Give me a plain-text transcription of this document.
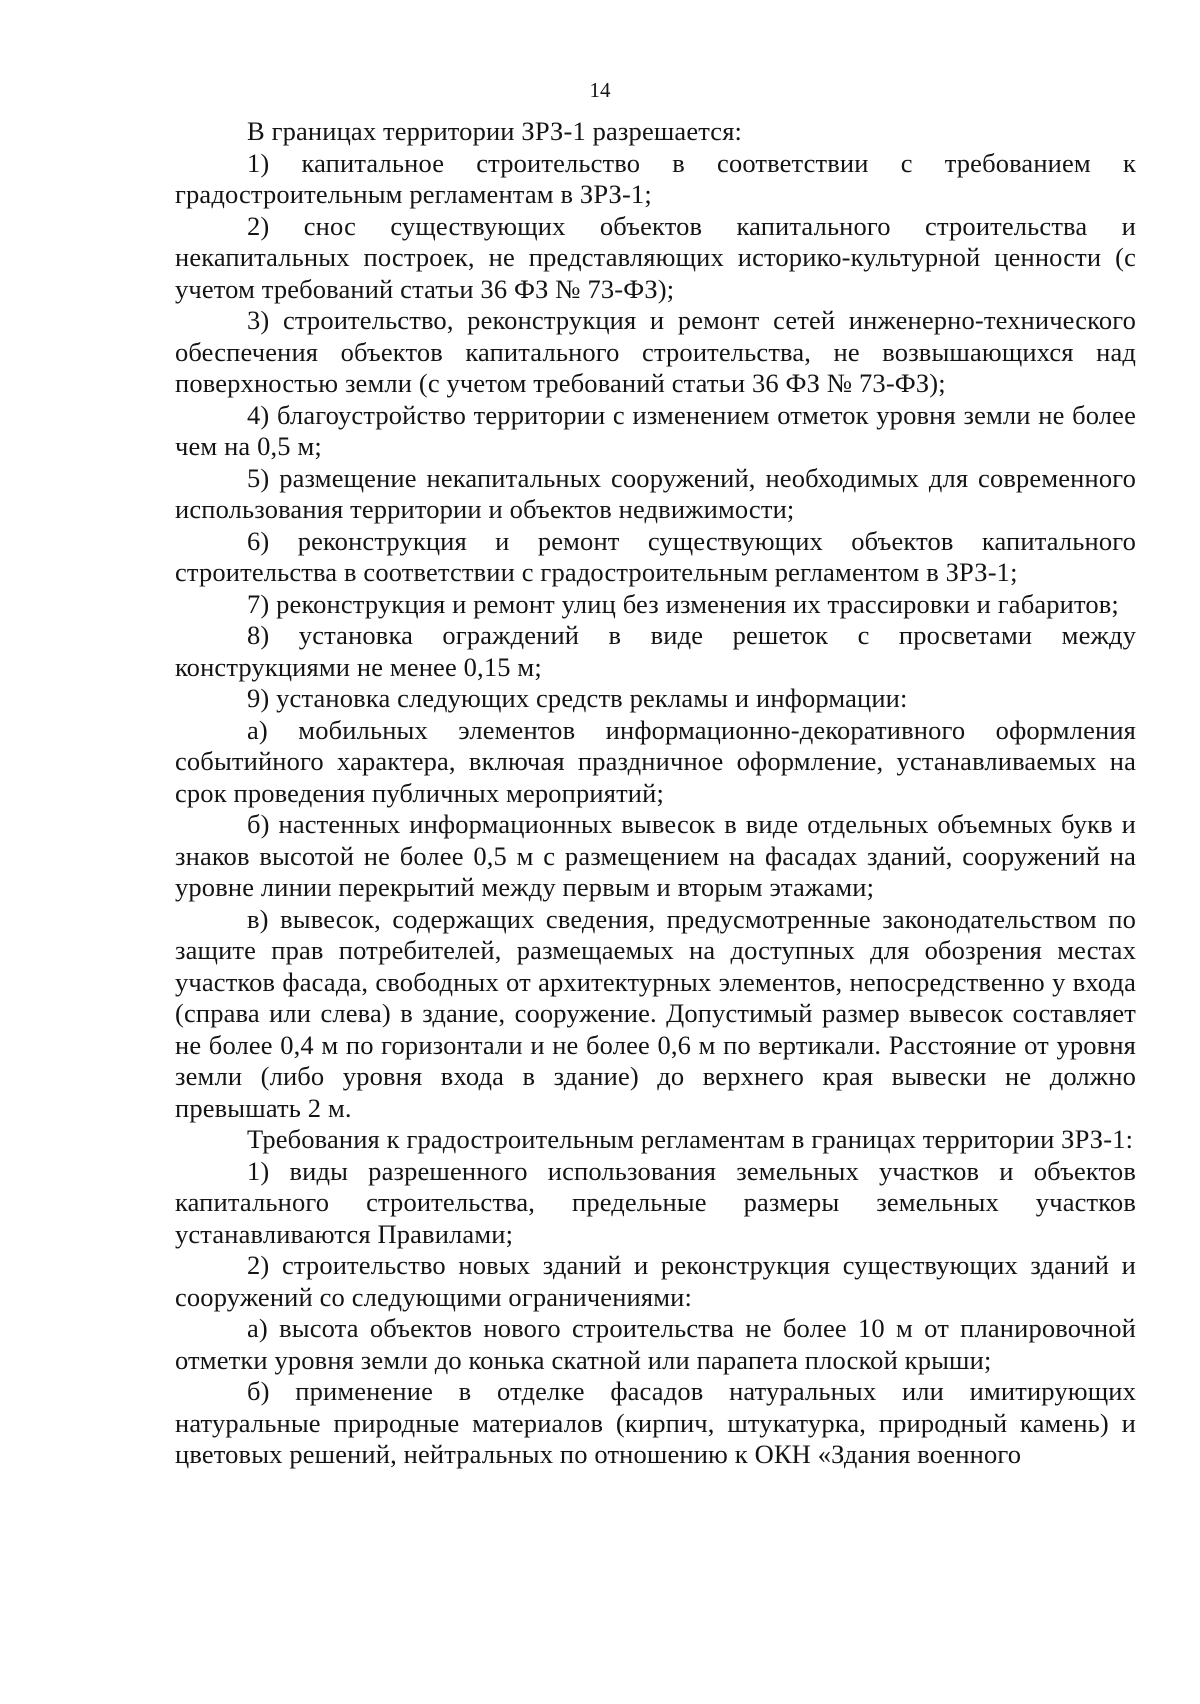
14

В границах территории ЗРЗ-1 разрешается:

1) капитальное строительство в соответствии с требованием к градостроительным регламентам в ЗРЗ-1;

2) снос существующих объектов капитального строительства и некапитальных построек, не представляющих историко-культурной ценности (с учетом требований статьи 36 ФЗ № 73-ФЗ);

3) строительство, реконструкция и ремонт сетей инженерно-технического обеспечения объектов капитального строительства, не возвышающихся над поверхностью земли (с учетом требований статьи 36 ФЗ № 73-ФЗ);

4) благоустройство территории с изменением отметок уровня земли не более чем на 0,5 м;

5) размещение некапитальных сооружений, необходимых для современного использования территории и объектов недвижимости;

6) реконструкция и ремонт существующих объектов капитального строительства в соответствии с градостроительным регламентом в ЗРЗ-1;

7) реконструкция и ремонт улиц без изменения их трассировки и габаритов;

8) установка ограждений в виде решеток с просветами между конструкциями не менее 0,15 м;

9) установка следующих средств рекламы и информации:

а) мобильных элементов информационно-декоративного оформления событийного характера, включая праздничное оформление, устанавливаемых на срок проведения публичных мероприятий;

б) настенных информационных вывесок в виде отдельных объемных букв и знаков высотой не более 0,5 м с размещением на фасадах зданий, сооружений на уровне линии перекрытий между первым и вторым этажами;

в) вывесок, содержащих сведения, предусмотренные законодательством по защите прав потребителей, размещаемых на доступных для обозрения местах участков фасада, свободных от архитектурных элементов, непосредственно у входа (справа или слева) в здание, сооружение. Допустимый размер вывесок составляет не более 0,4 м по горизонтали и не более 0,6 м по вертикали. Расстояние от уровня земли (либо уровня входа в здание) до верхнего края вывески не должно превышать 2 м.

Требования к градостроительным регламентам в границах территории ЗРЗ-1:

1) виды разрешенного использования земельных участков и объектов капитального строительства, предельные размеры земельных участков устанавливаются Правилами;

2) строительство новых зданий и реконструкция существующих зданий и сооружений со следующими ограничениями:

а) высота объектов нового строительства не более 10 м от планировочной отметки уровня земли до конька скатной или парапета плоской крыши;

б) применение в отделке фасадов натуральных или имитирующих натуральные природные материалов (кирпич, штукатурка, природный камень) и цветовых решений, нейтральных по отношению к ОКН «Здания военного
